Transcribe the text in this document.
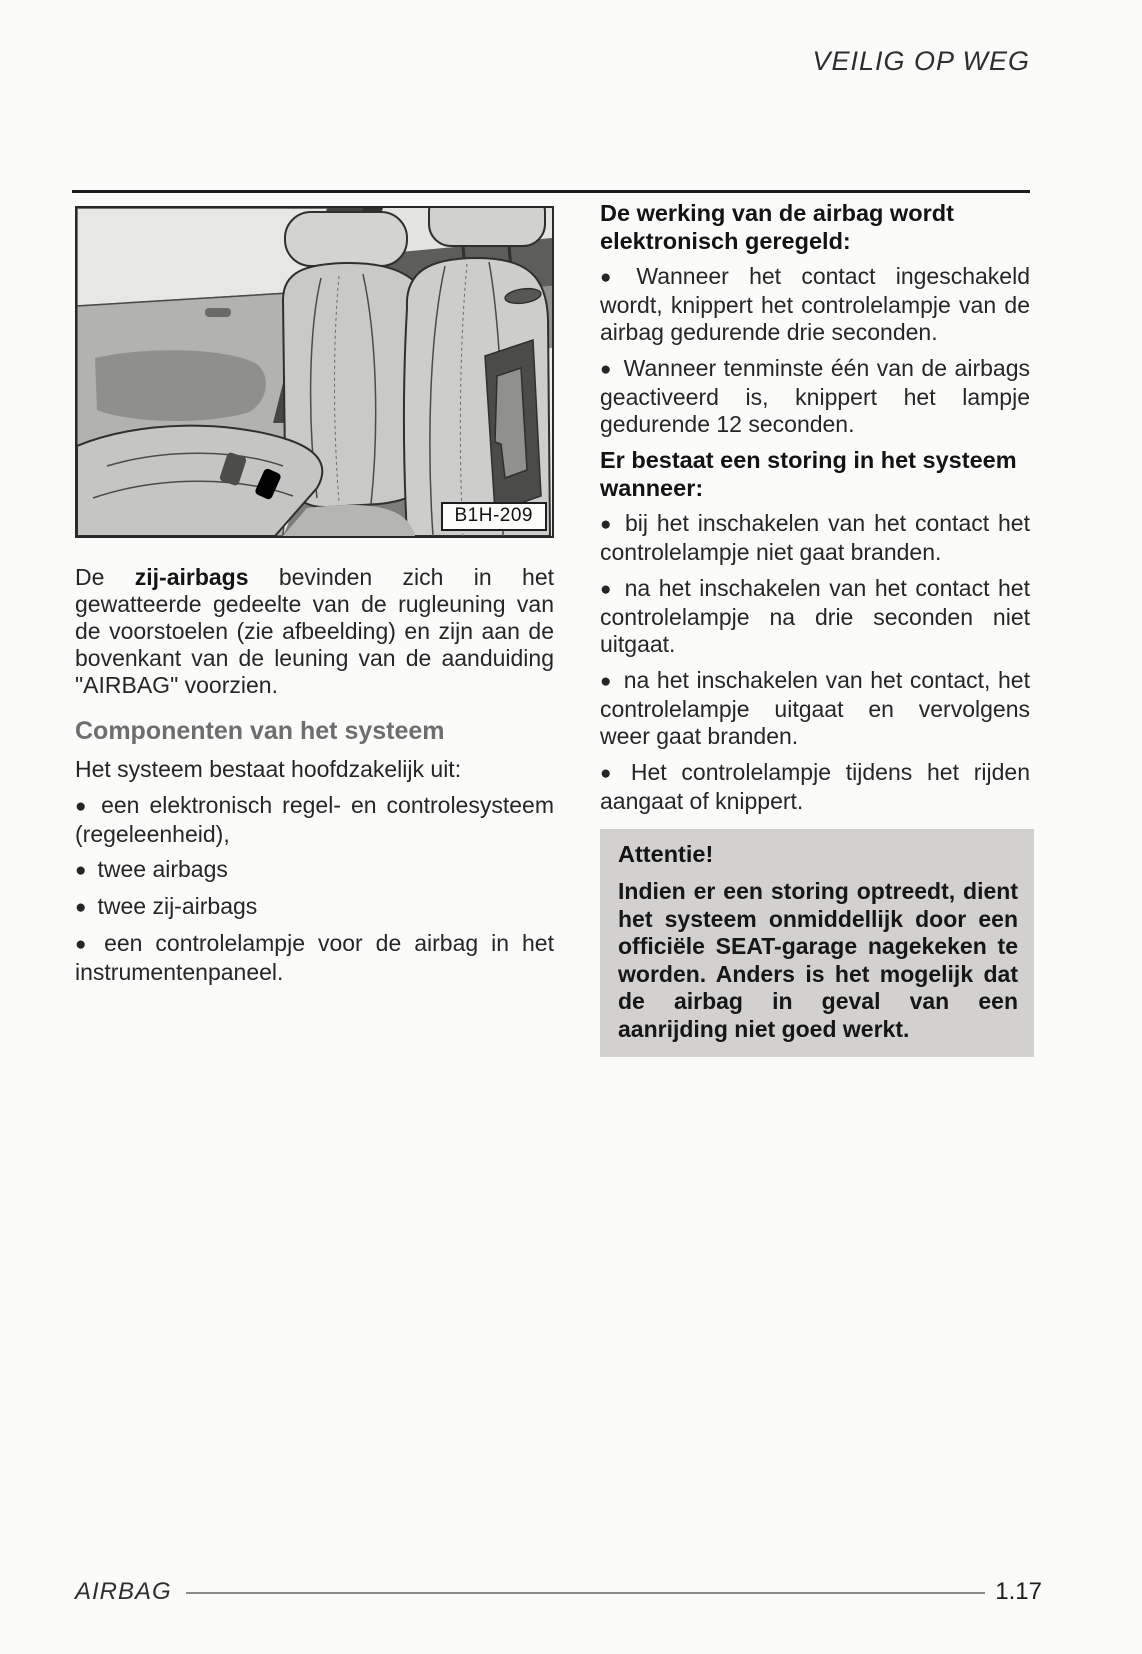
VEILIG OP WEG
B1H-209

De zij-airbags bevinden zich in het gewatteerde gedeelte van de rugleuning van de voorstoelen (zie afbeelding) en zijn aan de bovenkant van de leuning van de aanduiding "AIRBAG" voorzien.

Componenten van het systeem

Het systeem bestaat hoofdzakelijk uit:

● een elektronisch regel- en controlesysteem (regeleenheid),

● twee airbags

● twee zij-airbags

● een controlelampje voor de airbag in het instrumentenpaneel.

De werking van de airbag wordt elektronisch geregeld:

● Wanneer het contact ingeschakeld wordt, knippert het controlelampje van de airbag gedurende drie seconden.

● Wanneer tenminste één van de airbags geactiveerd is, knippert het lampje gedurende 12 seconden.

Er bestaat een storing in het systeem wanneer:

● bij het inschakelen van het contact het controlelampje niet gaat branden.

● na het inschakelen van het contact het controlelampje na drie seconden niet uitgaat.

● na het inschakelen van het contact, het controlelampje uitgaat en vervolgens weer gaat branden.

● Het controlelampje tijdens het rijden aangaat of knippert.

Attentie!

Indien er een storing optreedt, dient het systeem onmiddellijk door een officiële SEAT-garage nagekeken te worden. Anders is het mogelijk dat de airbag in geval van een aanrijding niet goed werkt.

AIRBAG	1.17
